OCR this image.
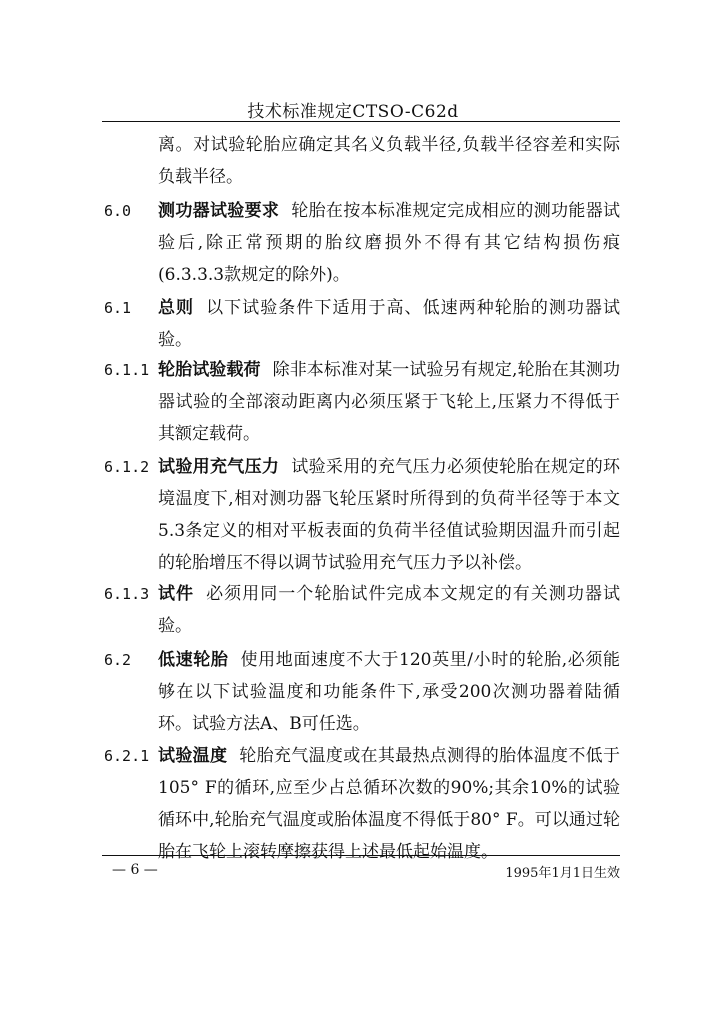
技术标准规定CTSO-C62d
离。对试验轮胎应确定其名义负载半径,负载半径容差和实际负载半径。
6.0 测功器试验要求 轮胎在按本标准规定完成相应的测功能器试验后,除正常预期的胎纹磨损外不得有其它结构损伤痕(6.3.3.3款规定的除外)。
6.1 总则 以下试验条件下适用于高、低速两种轮胎的测功器试验。
6.1.1 轮胎试验载荷 除非本标准对某一试验另有规定,轮胎在其测功器试验的全部滚动距离内必须压紧于飞轮上,压紧力不得低于其额定载荷。
6.1.2 试验用充气压力 试验采用的充气压力必须使轮胎在规定的环境温度下,相对测功器飞轮压紧时所得到的负荷半径等于本文5.3条定义的相对平板表面的负荷半径值试验期因温升而引起的轮胎增压不得以调节试验用充气压力予以补偿。
6.1.3 试件 必须用同一个轮胎试件完成本文规定的有关测功器试验。
6.2 低速轮胎 使用地面速度不大于120英里/小时的轮胎,必须能够在以下试验温度和功能条件下,承受200次测功器着陆循环。试验方法A、B可任选。
6.2.1 试验温度 轮胎充气温度或在其最热点测得的胎体温度不低于105° F的循环,应至少占总循环次数的90%;其余10%的试验循环中,轮胎充气温度或胎体温度不得低于80° F。可以通过轮胎在飞轮上滚转摩擦获得上述最低起始温度。
— 6 —	1995年1月1日生效
